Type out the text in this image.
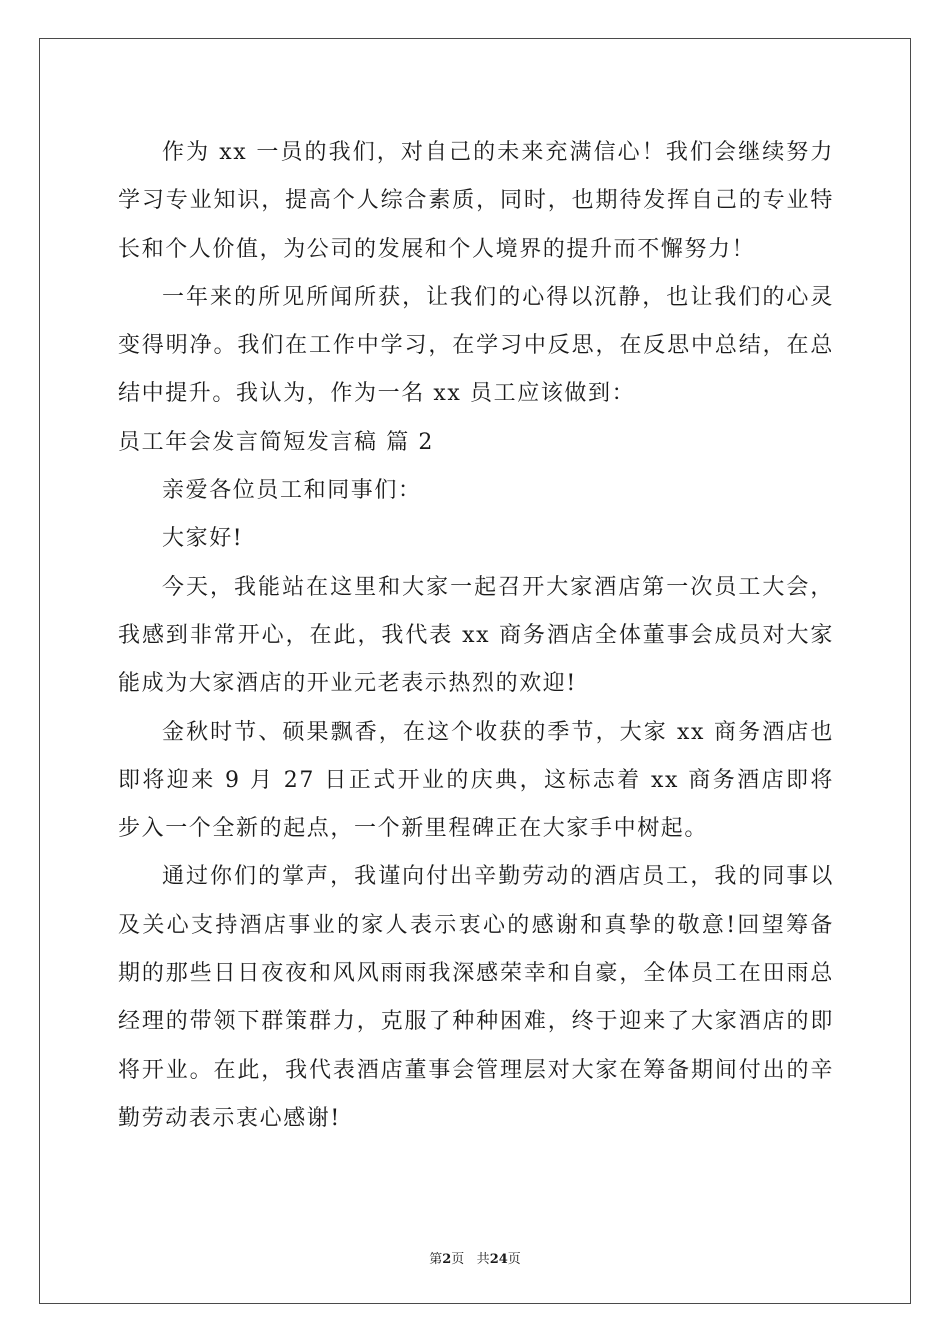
作为 xx 一员的我们，对自己的未来充满信心！我们会继续努力学习专业知识，提高个人综合素质，同时，也期待发挥自己的专业特长和个人价值，为公司的发展和个人境界的提升而不懈努力！

一年来的所见所闻所获，让我们的心得以沉静，也让我们的心灵变得明净。我们在工作中学习，在学习中反思，在反思中总结，在总结中提升。我认为，作为一名 xx 员工应该做到：

员工年会发言简短发言稿 篇 2

亲爱各位员工和同事们：

大家好!

今天，我能站在这里和大家一起召开大家酒店第一次员工大会，我感到非常开心，在此，我代表 xx 商务酒店全体董事会成员对大家能成为大家酒店的开业元老表示热烈的欢迎!

金秋时节、硕果飘香，在这个收获的季节，大家 xx 商务酒店也即将迎来 9 月 27 日正式开业的庆典，这标志着 xx 商务酒店即将步入一个全新的起点，一个新里程碑正在大家手中树起。

通过你们的掌声，我谨向付出辛勤劳动的酒店员工，我的同事以及关心支持酒店事业的家人表示衷心的感谢和真挚的敬意!回望筹备期的那些日日夜夜和风风雨雨我深感荣幸和自豪，全体员工在田雨总经理的带领下群策群力，克服了种种困难，终于迎来了大家酒店的即将开业。在此，我代表酒店董事会管理层对大家在筹备期间付出的辛勤劳动表示衷心感谢!

第2页 共24页
